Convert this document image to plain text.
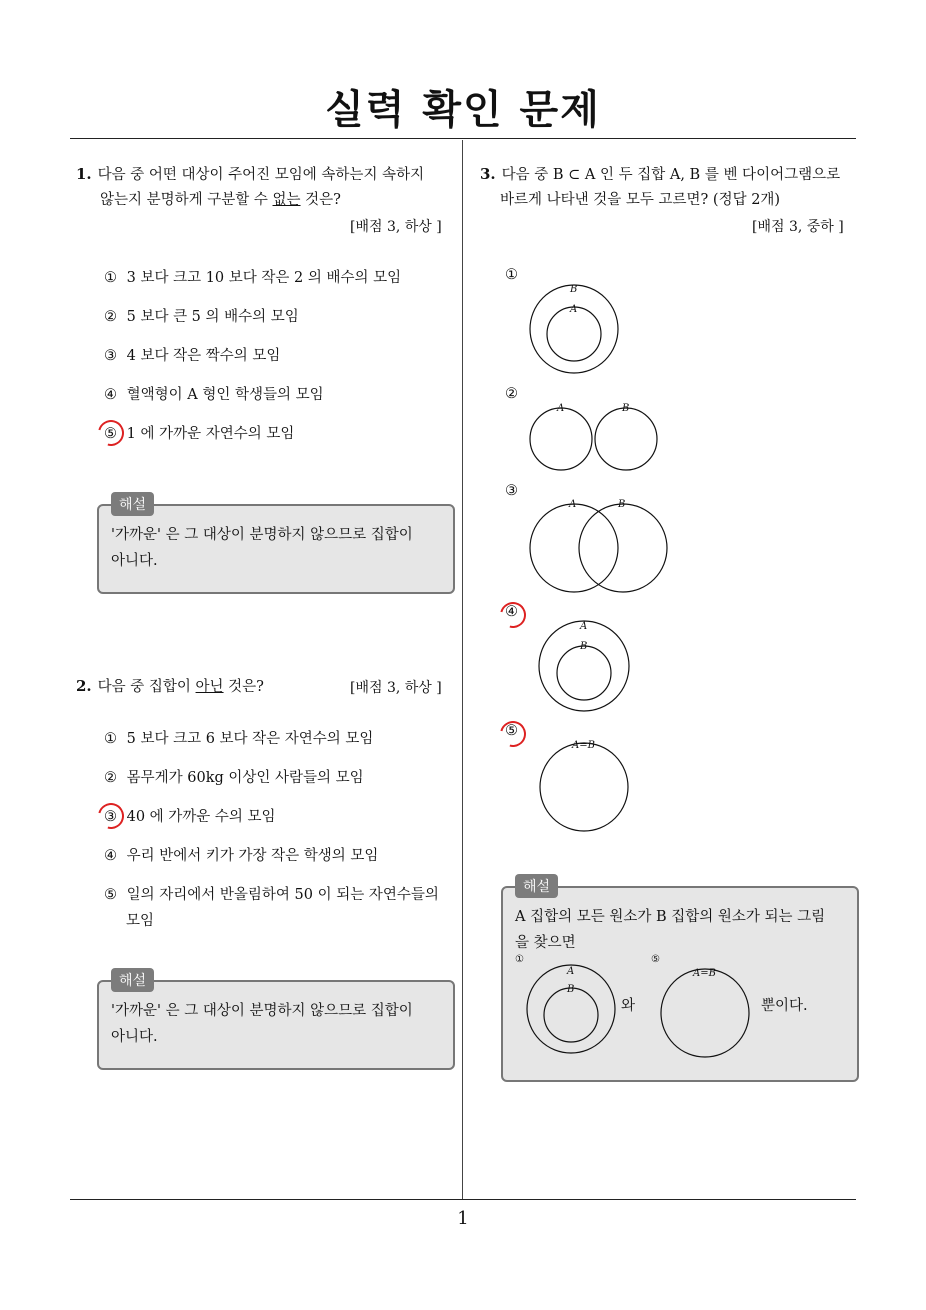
실력 확인 문제
1. 다음 중 어떤 대상이 주어진 모임에 속하는지 속하지
않는지 분명하게 구분할 수 없는 것은?
[배점 3, 하상 ]
① 3 보다 크고 10 보다 작은 2 의 배수의 모임
② 5 보다 큰 5 의 배수의 모임
③ 4 보다 작은 짝수의 모임
④ 혈액형이 A 형인 학생들의 모임
⑤ 1 에 가까운 자연수의 모임
'가까운' 은 그 대상이 분명하지 않으므로 집합이
아니다.
해설
2. 다음 중 집합이 아닌 것은?	[배점 3, 하상 ]
① 5 보다 크고 6 보다 작은 자연수의 모임
② 몸무게가 60kg 이상인 사람들의 모임
③ 40 에 가까운 수의 모임
④ 우리 반에서 키가 가장 작은 학생의 모임
⑤ 일의 자리에서 반올림하여 50 이 되는 자연수들의
모임
'가까운' 은 그 대상이 분명하지 않으므로 집합이
아니다.
해설
3. 다음 중 B ⊂ A 인 두 집합 A, B 를 벤 다이어그램으로
바르게 나타낸 것을 모두 고르면? (정답 2개)
[배점 3, 중하 ]
①
②
③
④
⑤
B
A
A	B
A	B
A
B
A=B
A 집합의 모든 원소가 B 집합의 원소가 되는 그림
을 찾으면
①	⑤
와	뿐이다.
A
B
A=B
해설
1
